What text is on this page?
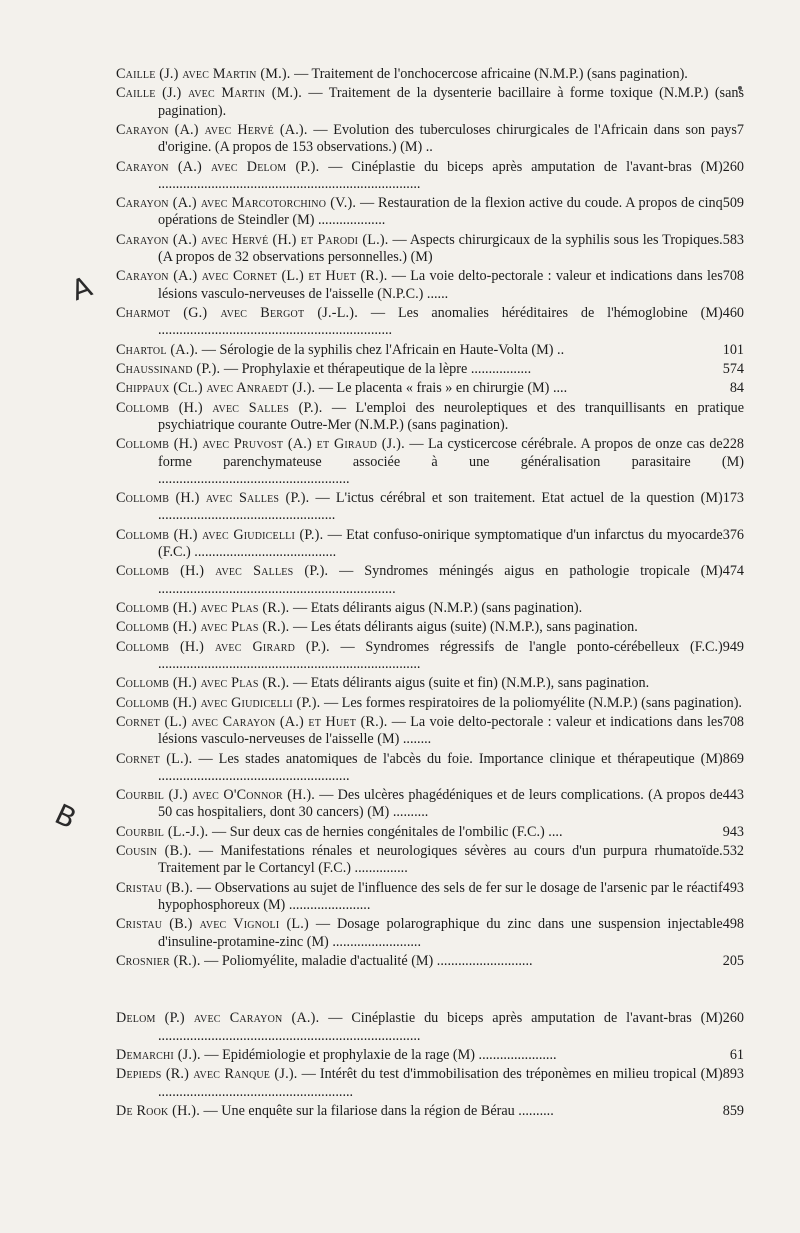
A
B
Caille (J.) avec Martin (M.). — Traitement de l'onchocercose africaine (N.M.P.) (sans pagination).
Caille (J.) avec Martin (M.). — Traitement de la dysenterie bacillaire à forme toxique (N.M.P.) (sans pagination).
7
Carayon (A.) avec Hervé (A.). — Evolution des tuberculoses chirurgicales de l'Africain dans son pays d'origine. (A propos de 153 observations.) (M) ..
260
Carayon (A.) avec Delom (P.). — Cinéplastie du biceps après amputation de l'avant-bras (M) ..........................................................................
509
Carayon (A.) avec Marcotorchino (V.). — Restauration de la flexion active du coude. A propos de cinq opérations de Steindler (M) ...................
583
Carayon (A.) avec Hervé (H.) et Parodi (L.). — Aspects chirurgicaux de la syphilis sous les Tropiques. (A propos de 32 observations personnelles.) (M)
708
Carayon (A.) avec Cornet (L.) et Huet (R.). — La voie delto-pectorale : valeur et indications dans les lésions vasculo-nerveuses de l'aisselle (N.P.C.) ......
460
Charmot (G.) avec Bergot (J.-L.). — Les anomalies héréditaires de l'hémoglobine (M) ..................................................................
101
Chartol (A.). — Sérologie de la syphilis chez l'Africain en Haute-Volta (M) ..
574
Chaussinand (P.). — Prophylaxie et thérapeutique de la lèpre .................
84
Chippaux (Cl.) avec Anraedt (J.). — Le placenta « frais » en chirurgie (M) ....
Collomb (H.) avec Salles (P.). — L'emploi des neuroleptiques et des tranquillisants en pratique psychiatrique courante Outre-Mer (N.M.P.) (sans pagination).
228
Collomb (H.) avec Pruvost (A.) et Giraud (J.). — La cysticercose cérébrale. A propos de onze cas de forme parenchymateuse associée à une généralisation parasitaire (M) ......................................................
173
Collomb (H.) avec Salles (P.). — L'ictus cérébral et son traitement. Etat actuel de la question (M) ..................................................
376
Collomb (H.) avec Giudicelli (P.). — Etat confuso-onirique symptomatique d'un infarctus du myocarde (F.C.) ........................................
474
Collomb (H.) avec Salles (P.). — Syndromes méningés aigus en pathologie tropicale (M) ...................................................................
Collomb (H.) avec Plas (R.). — Etats délirants aigus (N.M.P.) (sans pagination).
Collomb (H.) avec Plas (R.). — Les états délirants aigus (suite) (N.M.P.), sans pagination.
949
Collomb (H.) avec Girard (P.). — Syndromes régressifs de l'angle ponto-cérébelleux (F.C.) ..........................................................................
Collomb (H.) avec Plas (R.). — Etats délirants aigus (suite et fin) (N.M.P.), sans pagination.
Collomb (H.) avec Giudicelli (P.). — Les formes respiratoires de la poliomyélite (N.M.P.) (sans pagination).
708
Cornet (L.) avec Carayon (A.) et Huet (R.). — La voie delto-pectorale : valeur et indications dans les lésions vasculo-nerveuses de l'aisselle (M) ........
869
Cornet (L.). — Les stades anatomiques de l'abcès du foie. Importance clinique et thérapeutique (M) ......................................................
443
Courbil (J.) avec O'Connor (H.). — Des ulcères phagédéniques et de leurs complications. (A propos de 50 cas hospitaliers, dont 30 cancers) (M) ..........
943
Courbil (L.-J.). — Sur deux cas de hernies congénitales de l'ombilic (F.C.) ....
532
Cousin (B.). — Manifestations rénales et neurologiques sévères au cours d'un purpura rhumatoïde. Traitement par le Cortancyl (F.C.) ...............
493
Cristau (B.). — Observations au sujet de l'influence des sels de fer sur le dosage de l'arsenic par le réactif hypophosphoreux (M) .......................
498
Cristau (B.) avec Vignoli (L.) — Dosage polarographique du zinc dans une suspension injectable d'insuline-protamine-zinc (M) .........................
205
Crosnier (R.). — Poliomyélite, maladie d'actualité (M) ...........................
260
Delom (P.) avec Carayon (A.). — Cinéplastie du biceps après amputation de l'avant-bras (M) ..........................................................................
61
Demarchi (J.). — Epidémiologie et prophylaxie de la rage (M) ......................
893
Depieds (R.) avec Ranque (J.). — Intérêt du test d'immobilisation des tréponèmes en milieu tropical (M) .......................................................
859
De Rook (H.). — Une enquête sur la filariose dans la région de Bérau ..........
